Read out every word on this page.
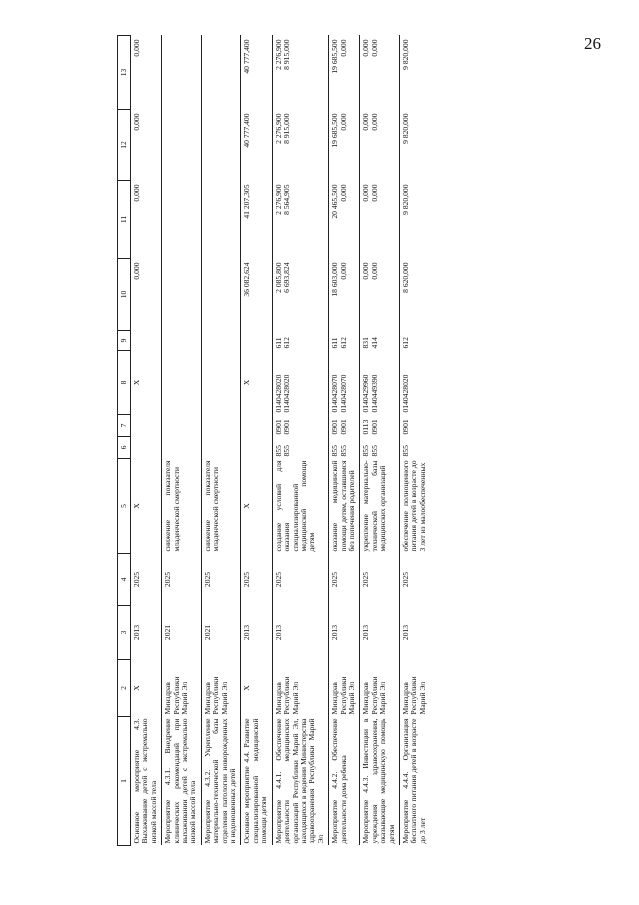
26
1	2	3	4	5	6	7	8	9	10	11	12	13
Основное мероприятие 4.3. Выхаживание детей с экстремально низкой массой тела	X	2013	2025	X			X		0,000	0,000	0,000	0,000

Мероприятие 4.3.1. Внедрение клинических рекомендаций при выхаживании детей с экстремально низкой массой тела	Минздрав Республики Марий Эл	2021	2025	снижение показателя младенческой смертности								
Мероприятие 4.3.2. Укрепление материально-технической базы отделения патологии новорожденных и недоношенных детей	Минздрав Республики Марий Эл	2021	2025	снижение показателя младенческой смертности								
Основное мероприятие 4.4. Развитие специализированной медицинской помощи детям	X	2013	2025	X			X		36 082,624	41 207,305	40 777,400	40 777,400

Мероприятие 4.4.1. Обеспечение деятельности медицинских организаций Республики Марий Эл, находящихся в ведении Министерства здравоохранения Республики Марий Эл	Минздрав Республики Марий Эл	2013	2025	создание условий для оказания специализированной медицинской помощи детям	855 855	0901 0901	0140428020 0140428020	611 612	2 085,800 6 693,824	2 276,900 8 564,905	2 276,900 8 915,000	2 276,900 8 915,000

Мероприятие 4.4.2. Обеспечение деятельности дома ребенка	Минздрав Республики Марий Эл	2013	2025	оказание медицинской помощи детям, оставшимся без попечения родителей	855 855	0901 0901	0140428070 0140428070	611 612	18 603,000 0,000	20 465,500 0,000	19 685,500 0,000	19 685,500 0,000

Мероприятие 4.4.3. Инвестиции в учреждения здравоохранения, оказывающие медицинскую помощь детям	Минздрав Республики Марий Эл	2013	2025	укрепление материально-технической базы медицинских организаций	855 855	0113 0901	0140429960 0140449390	831 414	0,000 0,000	0,000 0,000	0,000 0,000	0,000 0,000

Мероприятие 4.4.4. Организация бесплатного питания детей в возрасте до 3 лет	Минздрав Республики Марий Эл	2013	2025	обеспечение полноценного питания детей в возрасте до 3 лет из малообеспеченных	855	0901	0140428020	612	8 620,000	9 820,000	9 820,000	9 820,000
